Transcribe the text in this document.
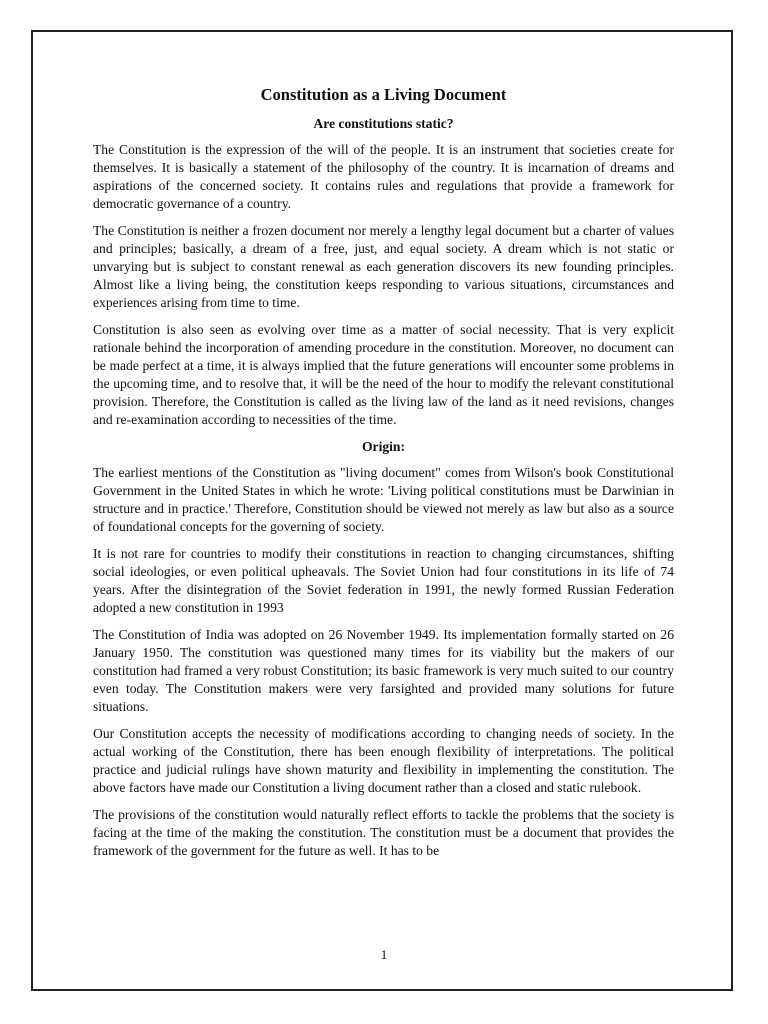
Constitution as a Living Document
Are constitutions static?

The Constitution is the expression of the will of the people. It is an instrument that societies create for themselves. It is basically a statement of the philosophy of the country. It is incarnation of dreams and aspirations of the concerned society. It contains rules and regulations that provide a framework for democratic governance of a country.

The Constitution is neither a frozen document nor merely a lengthy legal document but a charter of values and principles; basically, a dream of a free, just, and equal society. A dream which is not static or unvarying but is subject to constant renewal as each generation discovers its new founding principles. Almost like a living being, the constitution keeps responding to various situations, circumstances and experiences arising from time to time.

Constitution is also seen as evolving over time as a matter of social necessity. That is very explicit rationale behind the incorporation of amending procedure in the constitution. Moreover, no document can be made perfect at a time, it is always implied that the future generations will encounter some problems in the upcoming time, and to resolve that, it will be the need of the hour to modify the relevant constitutional provision. Therefore, the Constitution is called as the living law of the land as it need revisions, changes and re-examination according to necessities of the time.

Origin:

The earliest mentions of the Constitution as "living document" comes from Wilson's book Constitutional Government in the United States in which he wrote: 'Living political constitutions must be Darwinian in structure and in practice.' Therefore, Constitution should be viewed not merely as law but also as a source of foundational concepts for the governing of society.

It is not rare for countries to modify their constitutions in reaction to changing circumstances, shifting social ideologies, or even political upheavals. The Soviet Union had four constitutions in its life of 74 years. After the disintegration of the Soviet federation in 1991, the newly formed Russian Federation adopted a new constitution in 1993

The Constitution of India was adopted on 26 November 1949. Its implementation formally started on 26 January 1950. The constitution was questioned many times for its viability but the makers of our constitution had framed a very robust Constitution; its basic framework is very much suited to our country even today. The Constitution makers were very farsighted and provided many solutions for future situations.

Our Constitution accepts the necessity of modifications according to changing needs of society. In the actual working of the Constitution, there has been enough flexibility of interpretations. The political practice and judicial rulings have shown maturity and flexibility in implementing the constitution. The above factors have made our Constitution a living document rather than a closed and static rulebook.

The provisions of the constitution would naturally reflect efforts to tackle the problems that the society is facing at the time of the making the constitution. The constitution must be a document that provides the framework of the government for the future as well. It has to be

1
